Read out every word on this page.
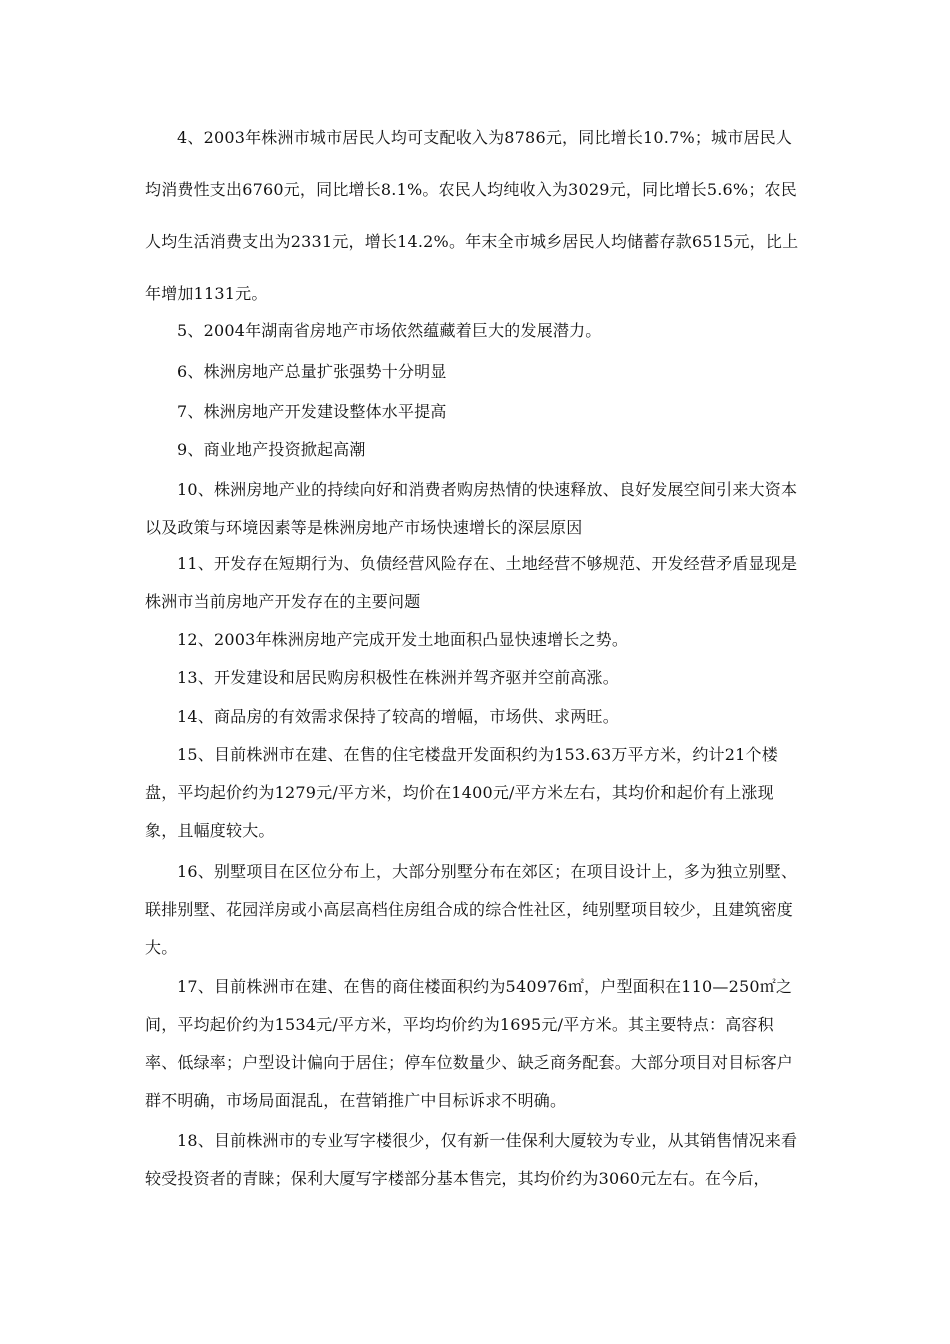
4、2003年株洲市城市居民人均可支配收入为8786元，同比增长10.7%；城市居民人均消费性支出6760元，同比增长8.1%。农民人均纯收入为3029元，同比增长5.6%；农民人均生活消费支出为2331元，增长14.2%。年末全市城乡居民人均储蓄存款6515元，比上年增加1131元。

5、2004年湖南省房地产市场依然蕴藏着巨大的发展潜力。

6、株洲房地产总量扩张强势十分明显

7、株洲房地产开发建设整体水平提高

9、商业地产投资掀起高潮

10、株洲房地产业的持续向好和消费者购房热情的快速释放、良好发展空间引来大资本以及政策与环境因素等是株洲房地产市场快速增长的深层原因

11、开发存在短期行为、负债经营风险存在、土地经营不够规范、开发经营矛盾显现是株洲市当前房地产开发存在的主要问题

12、2003年株洲房地产完成开发土地面积凸显快速增长之势。

13、开发建设和居民购房积极性在株洲并驾齐驱并空前高涨。

14、商品房的有效需求保持了较高的增幅，市场供、求两旺。

15、目前株洲市在建、在售的住宅楼盘开发面积约为153.63万平方米，约计21个楼盘，平均起价约为1279元/平方米，均价在1400元/平方米左右，其均价和起价有上涨现象，且幅度较大。

16、别墅项目在区位分布上，大部分别墅分布在郊区；在项目设计上，多为独立别墅、联排别墅、花园洋房或小高层高档住房组合成的综合性社区，纯别墅项目较少，且建筑密度大。

17、目前株洲市在建、在售的商住楼面积约为540976㎡，户型面积在110—250㎡之间，平均起价约为1534元/平方米，平均均价约为1695元/平方米。其主要特点：高容积率、低绿率；户型设计偏向于居住；停车位数量少、缺乏商务配套。大部分项目对目标客户群不明确，市场局面混乱，在营销推广中目标诉求不明确。

18、目前株洲市的专业写字楼很少，仅有新一佳保利大厦较为专业，从其销售情况来看较受投资者的青睐；保利大厦写字楼部分基本售完，其均价约为3060元左右。在今后，
